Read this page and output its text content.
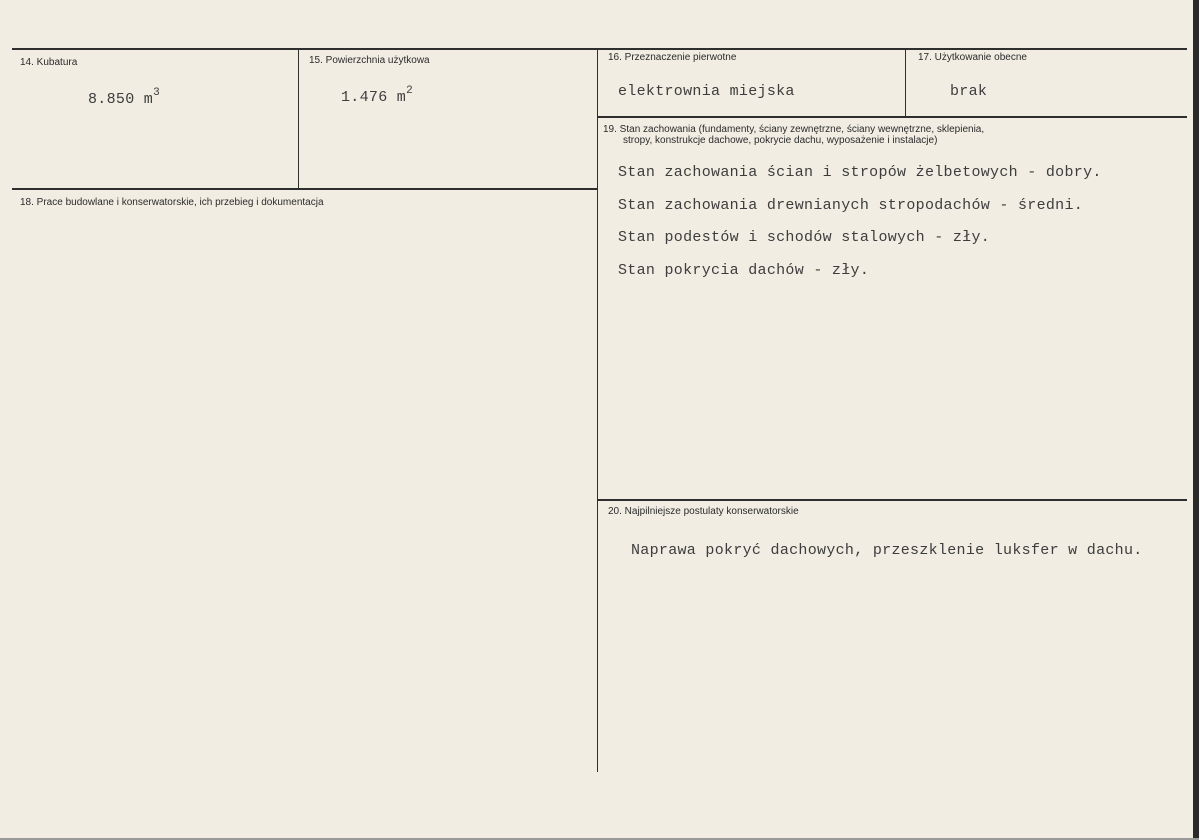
14. Kubatura
8.850 $m^3$
15. Powierzchnia użytkowa
1.476 $m^2$
16. Przeznaczenie pierwotne
elektrownia miejska
17. Użytkowanie obecne
brak
18. Prace budowlane i konserwatorskie, ich przebieg i dokumentacja
19. Stan zachowania (fundamenty, ściany zewnętrzne, ściany wewnętrzne, sklepienia,
stropy, konstrukcje dachowe, pokrycie dachu, wyposażenie i instalacje)
Stan zachowania ścian i stropów żelbetowych - dobry.
Stan zachowania drewnianych stropodachów - średni.
Stan podestów i schodów stalowych - zły.
Stan pokrycia dachów - zły.
20. Najpilniejsze postulaty konserwatorskie
Naprawa pokryć dachowych, przeszklenie luksfer w dachu.
